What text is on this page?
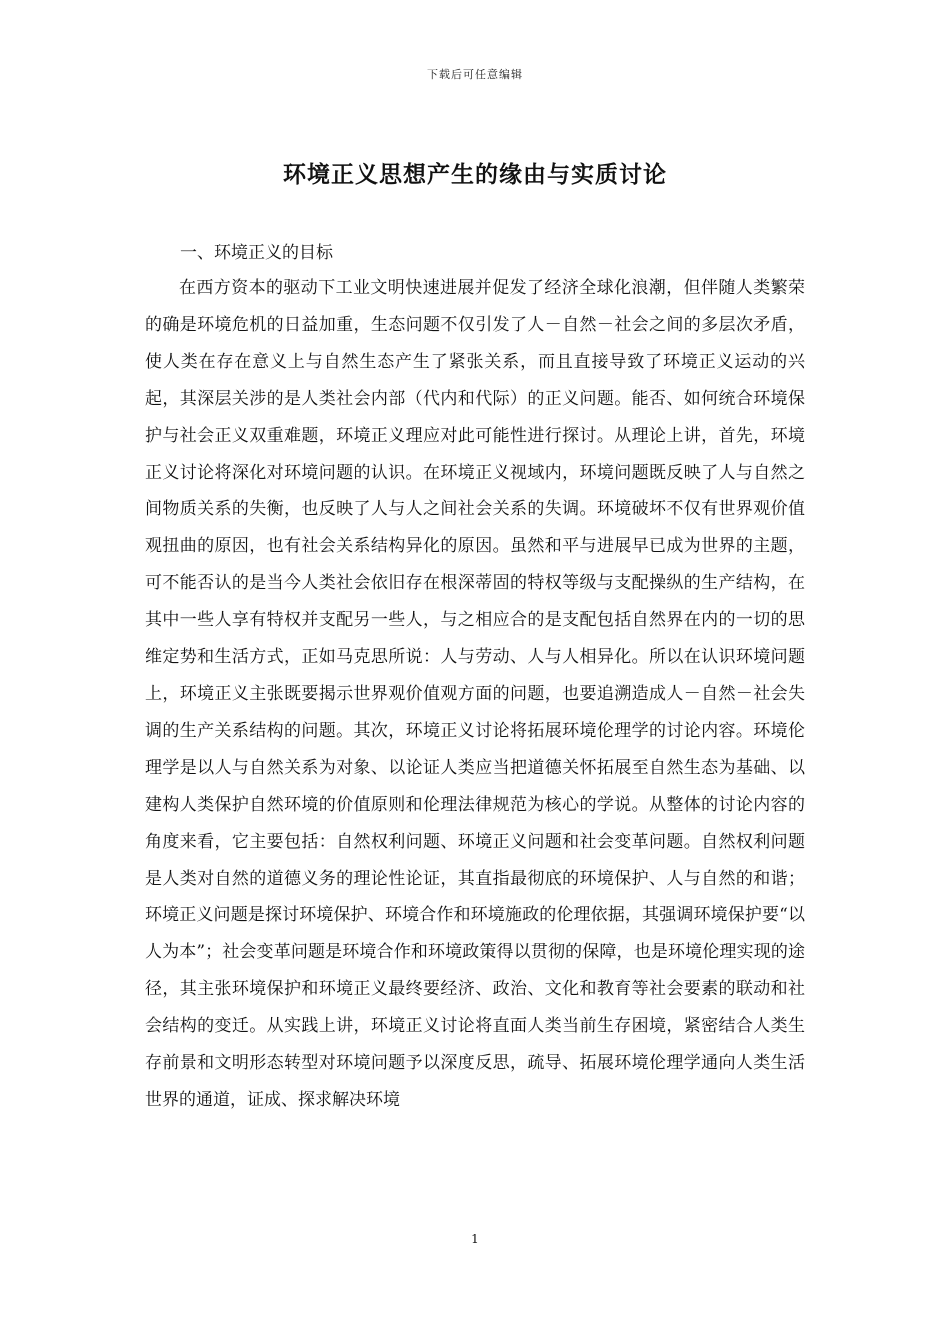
下载后可任意编辑
环境正义思想产生的缘由与实质讨论
一、环境正义的目标

在西方资本的驱动下工业文明快速进展并促发了经济全球化浪潮，但伴随人类繁荣的确是环境危机的日益加重，生态问题不仅引发了人－自然－社会之间的多层次矛盾，使人类在存在意义上与自然生态产生了紧张关系，而且直接导致了环境正义运动的兴起，其深层关涉的是人类社会内部（代内和代际）的正义问题。能否、如何统合环境保护与社会正义双重难题，环境正义理应对此可能性进行探讨。从理论上讲，首先，环境正义讨论将深化对环境问题的认识。在环境正义视域内，环境问题既反映了人与自然之间物质关系的失衡，也反映了人与人之间社会关系的失调。环境破坏不仅有世界观价值观扭曲的原因，也有社会关系结构异化的原因。虽然和平与进展早已成为世界的主题，可不能否认的是当今人类社会依旧存在根深蒂固的特权等级与支配操纵的生产结构，在其中一些人享有特权并支配另一些人，与之相应合的是支配包括自然界在内的一切的思维定势和生活方式，正如马克思所说：人与劳动、人与人相异化。所以在认识环境问题上，环境正义主张既要揭示世界观价值观方面的问题，也要追溯造成人－自然－社会失调的生产关系结构的问题。其次，环境正义讨论将拓展环境伦理学的讨论内容。环境伦理学是以人与自然关系为对象、以论证人类应当把道德关怀拓展至自然生态为基础、以建构人类保护自然环境的价值原则和伦理法律规范为核心的学说。从整体的讨论内容的角度来看，它主要包括：自然权利问题、环境正义问题和社会变革问题。自然权利问题是人类对自然的道德义务的理论性论证，其直指最彻底的环境保护、人与自然的和谐；环境正义问题是探讨环境保护、环境合作和环境施政的伦理依据，其强调环境保护要“以人为本”；社会变革问题是环境合作和环境政策得以贯彻的保障，也是环境伦理实现的途径，其主张环境保护和环境正义最终要经济、政治、文化和教育等社会要素的联动和社会结构的变迁。从实践上讲，环境正义讨论将直面人类当前生存困境，紧密结合人类生存前景和文明形态转型对环境问题予以深度反思，疏导、拓展环境伦理学通向人类生活世界的通道，证成、探求解决环境

1
